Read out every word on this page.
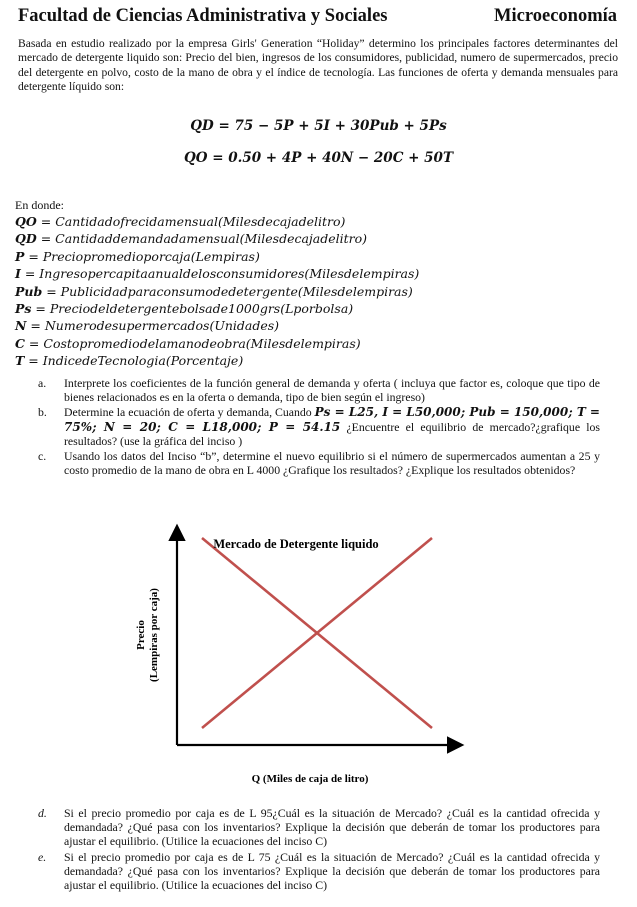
Facultad de Ciencias Administrativa y Sociales	Microeconomía

Basada en estudio realizado por la empresa Girls' Generation “Holiday” determino los principales factores determinantes del mercado de detergente liquido son: Precio del bien, ingresos de los consumidores, publicidad, numero de supermercados, precio del detergente en polvo, costo de la mano de obra y el índice de tecnología. Las funciones de oferta y demanda mensuales para detergente líquido son:

QD = 75 − 5P + 5I + 30Pub + 5Ps
QO = 0.50 + 4P + 40N − 20C + 50T
En donde:
QO = Cantidadofrecidamensual(Milesdecajadelitro)
QD = Cantidaddemandadamensual(Milesdecajadelitro)
P = Preciopromedioporcaja(Lempiras)
I = Ingresopercapitaanualdelosconsumidores(Milesdelempiras)
Pub = Publicidadparaconsumodedetergente(Milesdelempiras)
Ps = Preciodeldetergentebolsade1000grs(Lporbolsa)
N = Numerodesupermercados(Unidades)
C = Costopromediodelamanodeobra(Milesdelempiras)
T = IndicedeTecnologia(Porcentaje)
a. Interprete los coeficientes de la función general de demanda y oferta ( incluya que factor es, coloque que tipo de bienes relacionados es en la oferta o demanda, tipo de bien según el ingreso)
b. Determine la ecuación de oferta y demanda, Cuando Ps = L25, I = L50,000; Pub = 150,000; T = 75%; N = 20; C = L18,000; P = 54.15 ¿Encuentre el equilibrio de mercado?¿grafique los resultados? (use la gráfica del inciso )
c. Usando los datos del Inciso “b”, determine el nuevo equilibrio si el número de supermercados aumentan a 25 y costo promedio de la mano de obra en L 4000 ¿Grafique los resultados? ¿Explique los resultados obtenidos?
Mercado de Detergente liquido
Q (Miles de caja de litro)
Precio (Lempiras por caja)
d. Si el precio promedio por caja es de L 95¿Cuál es la situación de Mercado? ¿Cuál es la cantidad ofrecida y demandada? ¿Qué pasa con los inventarios? Explique la decisión que deberán de tomar los productores para ajustar el equilibrio. (Utilice la ecuaciones del inciso C)
e. Si el precio promedio por caja es de L 75 ¿Cuál es la situación de Mercado? ¿Cuál es la cantidad ofrecida y demandada? ¿Qué pasa con los inventarios? Explique la decisión que deberán de tomar los productores para ajustar el equilibrio. (Utilice la ecuaciones del inciso C)
